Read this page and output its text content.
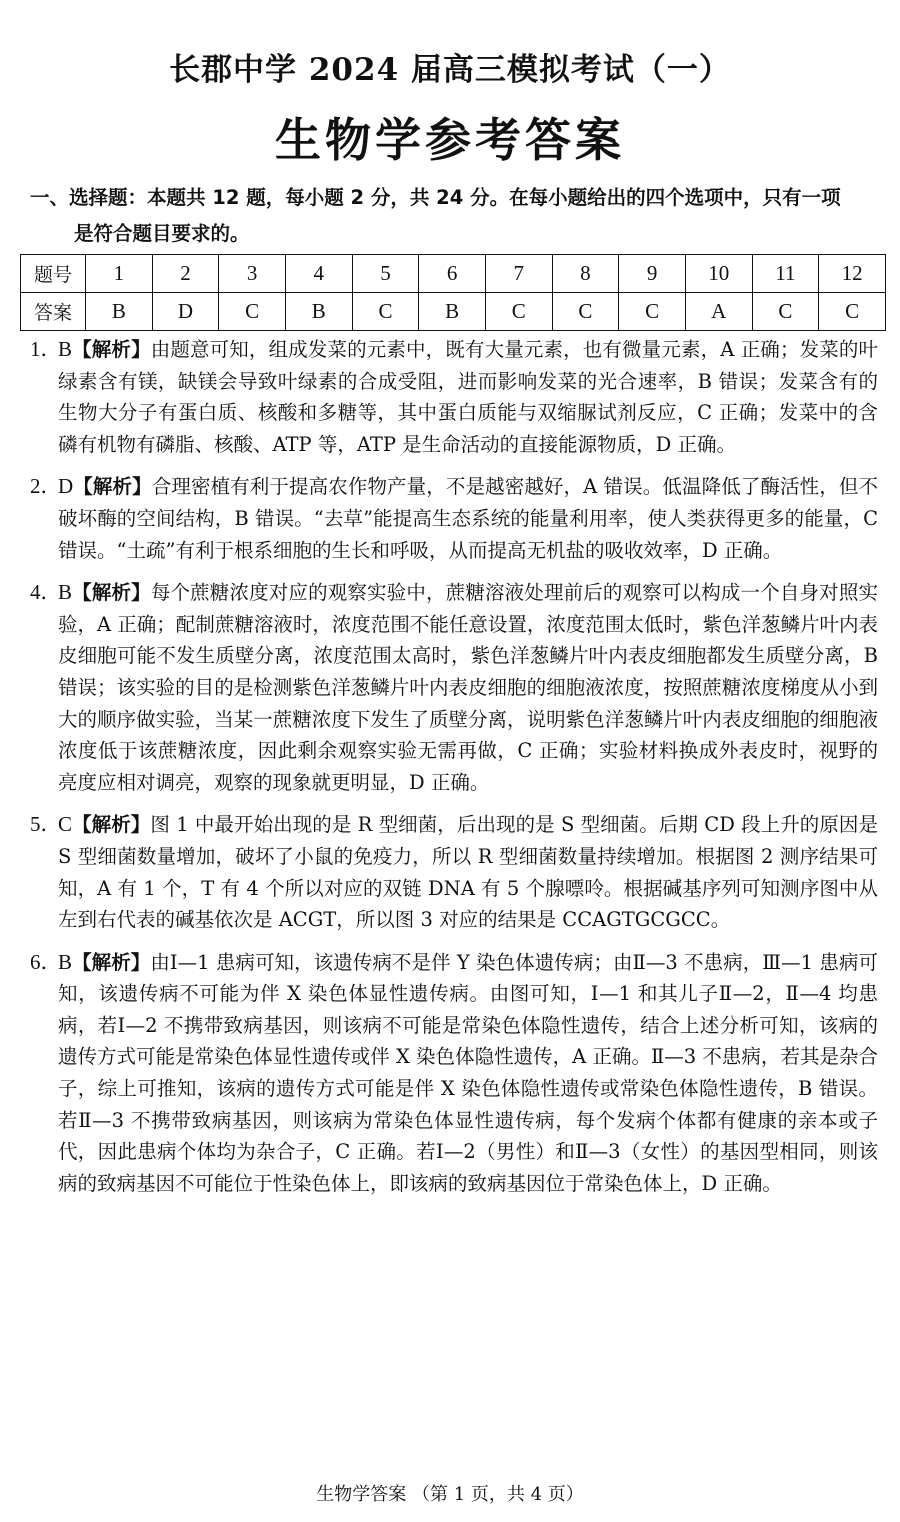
长郡中学 2024 届高三模拟考试（一）
生物学参考答案
一、选择题：本题共 12 题，每小题 2 分，共 24 分。在每小题给出的四个选项中，只有一项
是符合题目要求的。
题号	1	2	3	4	5	6	7	8	9	10	11	12
答案	B	D	C	B	C	B	C	C	C	A	C	C
1．
B【解析】由题意可知，组成发菜的元素中，既有大量元素，也有微量元素，A 正确；发菜的叶绿素含有镁，缺镁会导致叶绿素的合成受阻，进而影响发菜的光合速率，B 错误；发菜含有的生物大分子有蛋白质、核酸和多糖等，其中蛋白质能与双缩脲试剂反应，C 正确；发菜中的含磷有机物有磷脂、核酸、ATP 等，ATP 是生命活动的直接能源物质，D 正确。
2．
D【解析】合理密植有利于提高农作物产量，不是越密越好，A 错误。低温降低了酶活性，但不破坏酶的空间结构，B 错误。“去草”能提高生态系统的能量利用率，使人类获得更多的能量，C 错误。“土疏”有利于根系细胞的生长和呼吸，从而提高无机盐的吸收效率，D 正确。
4．
B【解析】每个蔗糖浓度对应的观察实验中，蔗糖溶液处理前后的观察可以构成一个自身对照实验，A 正确；配制蔗糖溶液时，浓度范围不能任意设置，浓度范围太低时，紫色洋葱鳞片叶内表皮细胞可能不发生质壁分离，浓度范围太高时，紫色洋葱鳞片叶内表皮细胞都发生质壁分离，B 错误；该实验的目的是检测紫色洋葱鳞片叶内表皮细胞的细胞液浓度，按照蔗糖浓度梯度从小到大的顺序做实验，当某一蔗糖浓度下发生了质壁分离，说明紫色洋葱鳞片叶内表皮细胞的细胞液浓度低于该蔗糖浓度，因此剩余观察实验无需再做，C 正确；实验材料换成外表皮时，视野的亮度应相对调亮，观察的现象就更明显，D 正确。
5．
C【解析】图 1 中最开始出现的是 R 型细菌，后出现的是 S 型细菌。后期 CD 段上升的原因是 S 型细菌数量增加，破坏了小鼠的免疫力，所以 R 型细菌数量持续增加。根据图 2 测序结果可知，A 有 1 个，T 有 4 个所以对应的双链 DNA 有 5 个腺嘌呤。根据碱基序列可知测序图中从左到右代表的碱基依次是 ACGT，所以图 3 对应的结果是 CCAGTGCGCC。
6．
B【解析】由Ⅰ—1 患病可知，该遗传病不是伴 Y 染色体遗传病；由Ⅱ—3 不患病，Ⅲ—1 患病可知，该遗传病不可能为伴 X 染色体显性遗传病。由图可知，Ⅰ—1 和其儿子Ⅱ—2，Ⅱ—4 均患病，若Ⅰ—2 不携带致病基因，则该病不可能是常染色体隐性遗传，结合上述分析可知，该病的遗传方式可能是常染色体显性遗传或伴 X 染色体隐性遗传，A 正确。Ⅱ—3 不患病，若其是杂合子，综上可推知，该病的遗传方式可能是伴 X 染色体隐性遗传或常染色体隐性遗传，B 错误。若Ⅱ—3 不携带致病基因，则该病为常染色体显性遗传病，每个发病个体都有健康的亲本或子代，因此患病个体均为杂合子，C 正确。若Ⅰ—2（男性）和Ⅱ—3（女性）的基因型相同，则该病的致病基因不可能位于性染色体上，即该病的致病基因位于常染色体上，D 正确。
生物学答案 （第 1 页，共 4 页）
